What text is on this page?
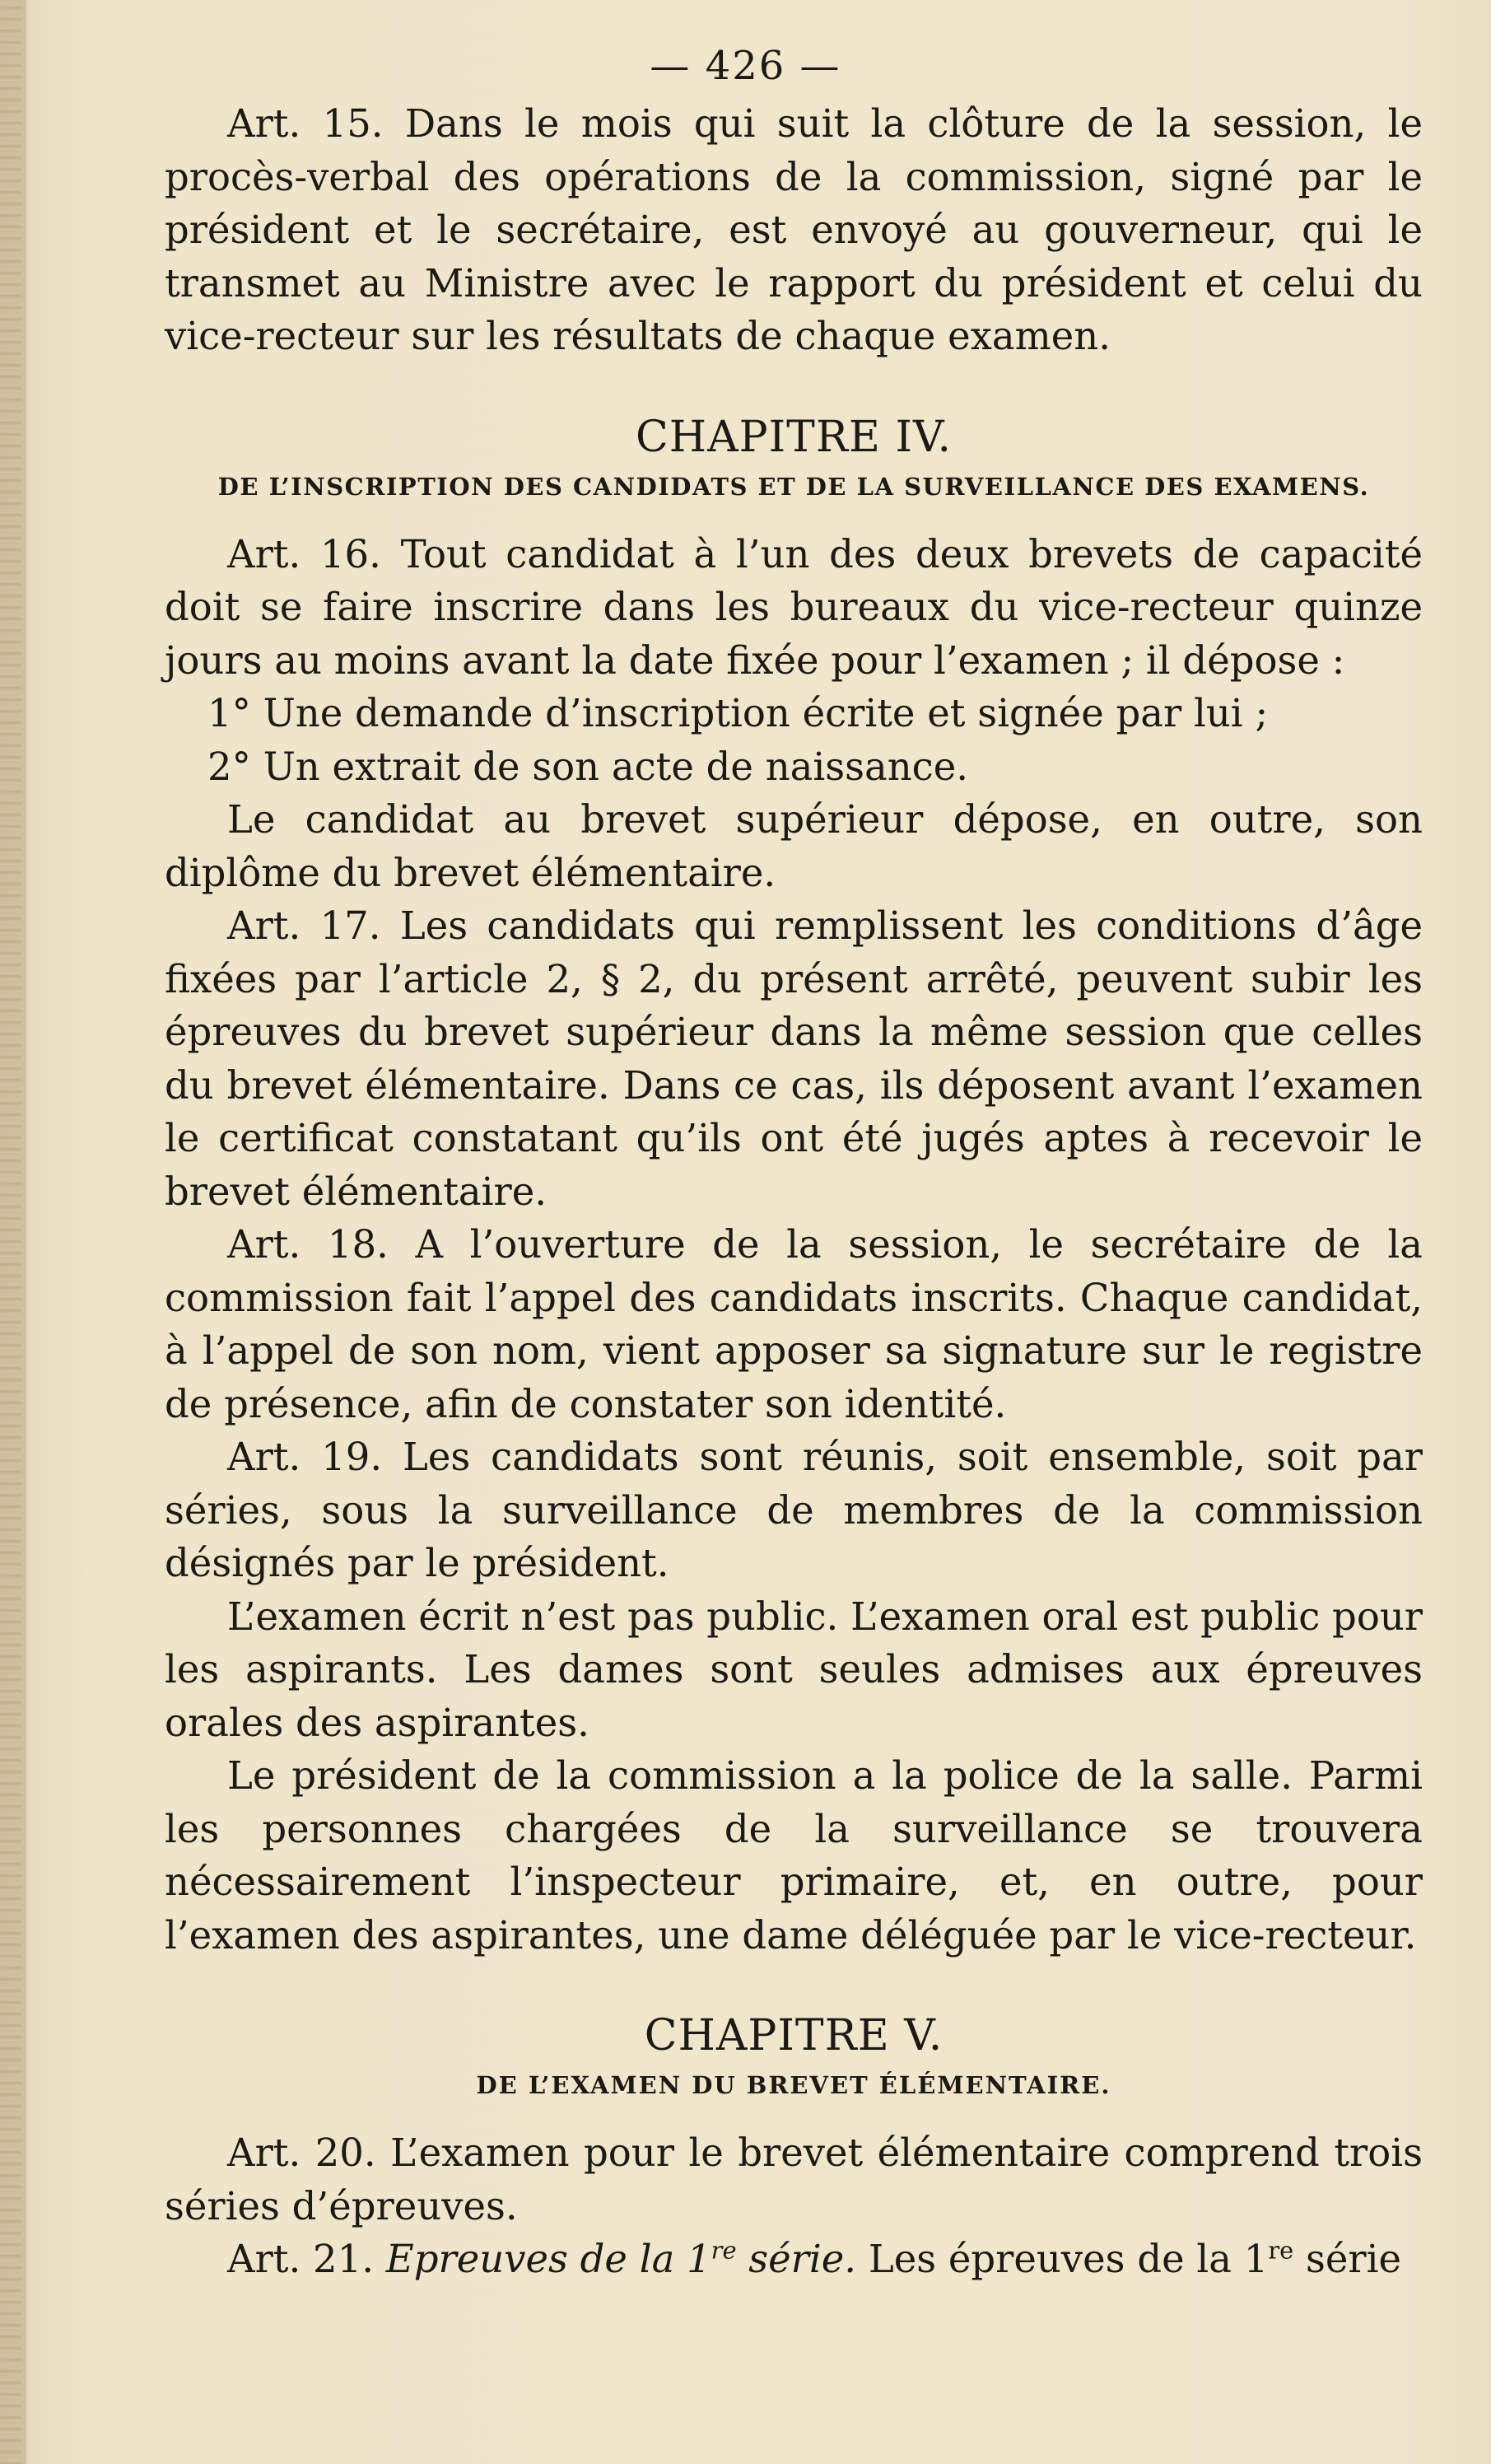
— 426 —

Art. 15. Dans le mois qui suit la clôture de la session, le procès-verbal des opérations de la commission, signé par le président et le secrétaire, est envoyé au gouverneur, qui le transmet au Ministre avec le rapport du président et celui du vice-recteur sur les résultats de chaque examen.

CHAPITRE IV.
DE L’INSCRIPTION DES CANDIDATS ET DE LA SURVEILLANCE DES EXAMENS.

Art. 16. Tout candidat à l’un des deux brevets de capacité doit se faire inscrire dans les bureaux du vice-recteur quinze jours au moins avant la date fixée pour l’examen ; il dépose :

1° Une demande d’inscription écrite et signée par lui ;

2° Un extrait de son acte de naissance.

Le candidat au brevet supérieur dépose, en outre, son diplôme du brevet élémentaire.

Art. 17. Les candidats qui remplissent les conditions d’âge fixées par l’article 2, § 2, du présent arrêté, peuvent subir les épreuves du brevet supérieur dans la même session que celles du brevet élémentaire. Dans ce cas, ils déposent avant l’examen le certificat constatant qu’ils ont été jugés aptes à recevoir le brevet élémentaire.

Art. 18. A l’ouverture de la session, le secrétaire de la commission fait l’appel des candidats inscrits. Chaque candidat, à l’appel de son nom, vient apposer sa signature sur le registre de présence, afin de constater son identité.

Art. 19. Les candidats sont réunis, soit ensemble, soit par séries, sous la surveillance de membres de la commission désignés par le président.

L’examen écrit n’est pas public. L’examen oral est public pour les aspirants. Les dames sont seules admises aux épreuves orales des aspirantes.

Le président de la commission a la police de la salle. Parmi les personnes chargées de la surveillance se trouvera nécessairement l’inspecteur primaire, et, en outre, pour l’examen des aspirantes, une dame déléguée par le vice-recteur.

CHAPITRE V.
DE L’EXAMEN DU BREVET ÉLÉMENTAIRE.

Art. 20. L’examen pour le brevet élémentaire comprend trois séries d’épreuves.

Art. 21. Epreuves de la 1re série. Les épreuves de la 1re série
